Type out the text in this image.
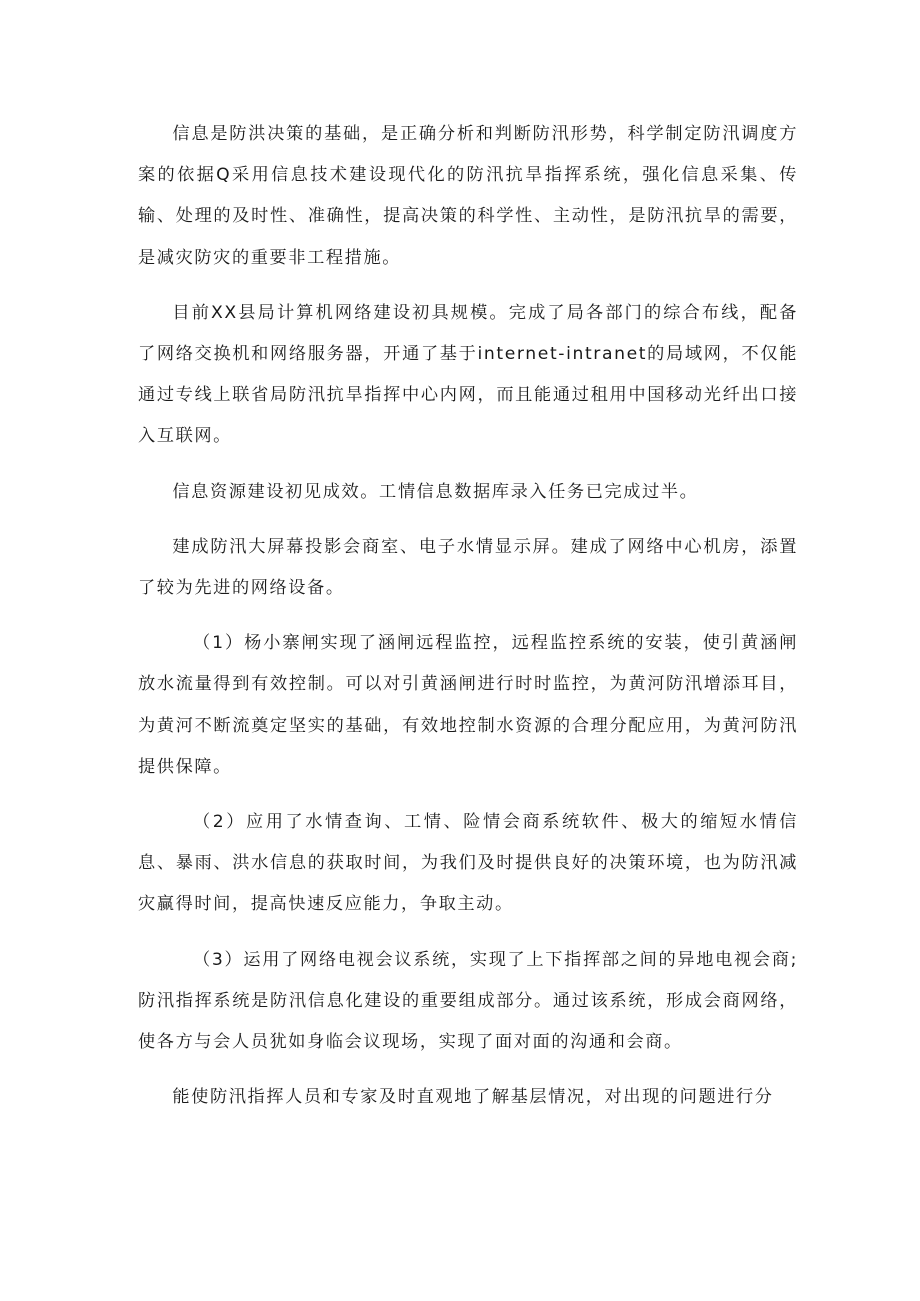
信息是防洪决策的基础，是正确分析和判断防汛形势，科学制定防汛调度方案的依据Q采用信息技术建设现代化的防汛抗旱指挥系统，强化信息采集、传输、处理的及时性、准确性，提高决策的科学性、主动性，是防汛抗旱的需要，是减灾防灾的重要非工程措施。

目前XX县局计算机网络建设初具规模。完成了局各部门的综合布线，配备了网络交换机和网络服务器，开通了基于internet-intranet的局域网，不仅能通过专线上联省局防汛抗旱指挥中心内网，而且能通过租用中国移动光纤出口接入互联网。

信息资源建设初见成效。工情信息数据库录入任务已完成过半。

建成防汛大屏幕投影会商室、电子水情显示屏。建成了网络中心机房，添置了较为先进的网络设备。

（1）杨小寨闸实现了涵闸远程监控，远程监控系统的安装，使引黄涵闸放水流量得到有效控制。可以对引黄涵闸进行时时监控，为黄河防汛增添耳目，为黄河不断流奠定坚实的基础，有效地控制水资源的合理分配应用，为黄河防汛提供保障。

（2）应用了水情查询、工情、险情会商系统软件、极大的缩短水情信息、暴雨、洪水信息的获取时间，为我们及时提供良好的决策环境，也为防汛减灾赢得时间，提高快速反应能力，争取主动。

（3）运用了网络电视会议系统，实现了上下指挥部之间的异地电视会商;防汛指挥系统是防汛信息化建设的重要组成部分。通过该系统，形成会商网络，使各方与会人员犹如身临会议现场，实现了面对面的沟通和会商。

能使防汛指挥人员和专家及时直观地了解基层情况，对出现的问题进行分
